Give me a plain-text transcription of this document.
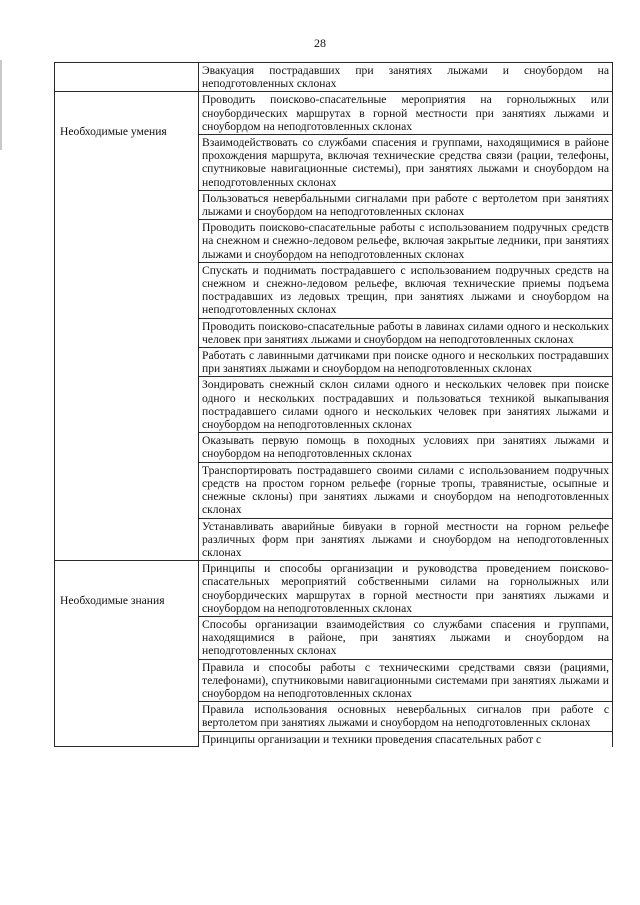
28
	Эвакуация пострадавших при занятиях лыжами и сноубордом на неподготовленных склонах
Необходимые умения	Проводить поисково-спасательные мероприятия на горнолыжных или сноубордических маршрутах в горной местности при занятиях лыжами и сноубордом на неподготовленных склонах
	Взаимодействовать со службами спасения и группами, находящимися в районе прохождения маршрута, включая технические средства связи (рации, телефоны, спутниковые навигационные системы), при занятиях лыжами и сноубордом на неподготовленных склонах
	Пользоваться невербальными сигналами при работе с вертолетом при занятиях лыжами и сноубордом на неподготовленных склонах
	Проводить поисково-спасательные работы с использованием подручных средств на снежном и снежно-ледовом рельефе, включая закрытые ледники, при занятиях лыжами и сноубордом на неподготовленных склонах
	Спускать и поднимать пострадавшего с использованием подручных средств на снежном и снежно-ледовом рельефе, включая технические приемы подъема пострадавших из ледовых трещин, при занятиях лыжами и сноубордом на неподготовленных склонах
	Проводить поисково-спасательные работы в лавинах силами одного и нескольких человек при занятиях лыжами и сноубордом на неподготовленных склонах
	Работать с лавинными датчиками при поиске одного и нескольких пострадавших при занятиях лыжами и сноубордом на неподготовленных склонах
	Зондировать снежный склон силами одного и нескольких человек при поиске одного и нескольких пострадавших и пользоваться техникой выкапывания пострадавшего силами одного и нескольких человек при занятиях лыжами и сноубордом на неподготовленных склонах
	Оказывать первую помощь в походных условиях при занятиях лыжами и сноубордом на неподготовленных склонах
	Транспортировать пострадавшего своими силами с использованием подручных средств на простом горном рельефе (горные тропы, травянистые, осыпные и снежные склоны) при занятиях лыжами и сноубордом на неподготовленных склонах
	Устанавливать аварийные бивуаки в горной местности на горном рельефе различных форм при занятиях лыжами и сноубордом на неподготовленных склонах
Необходимые знания	Принципы и способы организации и руководства проведением поисково-спасательных мероприятий собственными силами на горнолыжных или сноубордических маршрутах в горной местности при занятиях лыжами и сноубордом на неподготовленных склонах
	Способы организации взаимодействия со службами спасения и группами, находящимися в районе, при занятиях лыжами и сноубордом на неподготовленных склонах
	Правила и способы работы с техническими средствами связи (рациями, телефонами), спутниковыми навигационными системами при занятиях лыжами и сноубордом на неподготовленных склонах
	Правила использования основных невербальных сигналов при работе с вертолетом при занятиях лыжами и сноубордом на неподготовленных склонах
	Принципы организации и техники проведения спасательных работ с
